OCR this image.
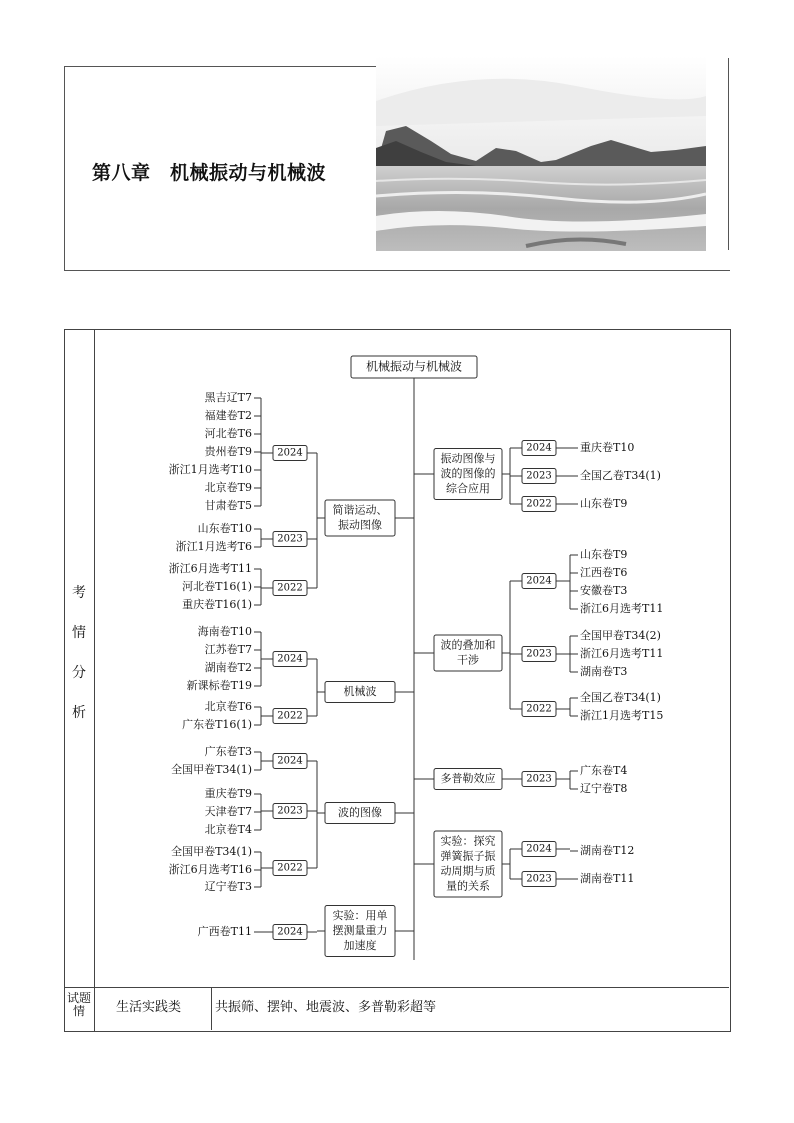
第八章　机械振动与机械波
考
情
分
析
试题情	生活实践类	共振筛、摆钟、地震波、多普勒彩超等
机械振动与机械波
简谐运动、
振动图像
2024
黑吉辽T7
福建卷T2
河北卷T6
贵州卷T9
浙江1月选考T10
北京卷T9
甘肃卷T5
2023
山东卷T10
浙江1月选考T6
2022
浙江6月选考T11
河北卷T16(1)
重庆卷T16(1)
机械波
2024
海南卷T10
江苏卷T7
湖南卷T2
新课标卷T19
2022
北京卷T6
广东卷T16(1)
波的图像
2024
广东卷T3
全国甲卷T34(1)
2023
重庆卷T9
天津卷T7
北京卷T4
2022
全国甲卷T34(1)
浙江6月选考T16
辽宁卷T3
实验：用单
摆测量重力
加速度
2024
广西卷T11
振动图像与
波的图像的
综合应用
2024	重庆卷T10
2023	全国乙卷T34(1)
2022	山东卷T9
波的叠加和
干涉
2024
山东卷T9
江西卷T6
安徽卷T3
浙江6月选考T11
2023
全国甲卷T34(2)
浙江6月选考T11
湖南卷T3
2022
全国乙卷T34(1)
浙江1月选考T15
多普勒效应	2023
广东卷T4
辽宁卷T8
实验：探究
弹簧振子振
动周期与质
量的关系
2024	湖南卷T12
2023	湖南卷T11
